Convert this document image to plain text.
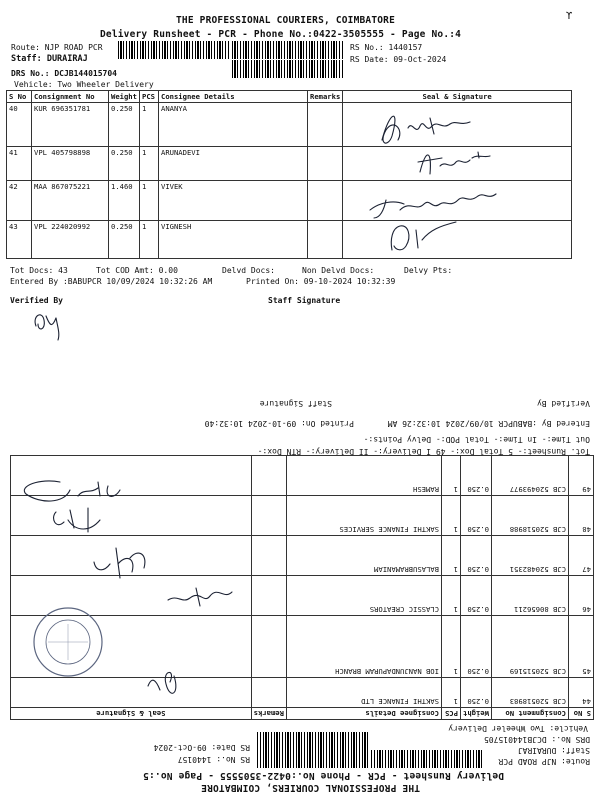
THE PROFESSIONAL COURIERS, COIMBATORE
Delivery Runsheet - PCR - Phone No.:0422-3505555 - Page No.:4
ϒ
Route: NJP ROAD PCR
Staff: DURAIRAJ
DRS No.: DCJB144015704
Vehicle: Two Wheeler Delivery
RS No.: 1440157
RS Date: 09-Oct-2024
S No	Consignment No	Weight	PCS	Consignee Details	Remarks	Seal & Signature
40	KUR 696351781	0.250	1	ANANYA		
41	VPL 405798898	0.250	1	ARUNADEVI		
42	MAA 867075221	1.460	1	VIVEK		
43	VPL 224020992	0.250	1	VIGNESH		
Tot Docs: 43	Tot COD Amt: 0.00	Delvd Docs:	Non Delvd Docs:	Delvy Pts:
Entered By :BABUPCR 10/09/2024 10:32:26 AM	Printed On: 09-10-2024 10:32:39
Verified By	Staff Signature
THE PROFESSIONAL COURIERS, COIMBATORE
Delivery Runsheet - PCR - Phone No.:0422-3505555 - Page No.:5
Route: NJP ROAD PCR
Staff: DURAIRAJ
DRS No.: DCJB144015705
Vehicle: Two Wheeler Delivery
RS No.: 1440157
RS Date: 09-Oct-2024
S No	Consignment No	Weight	PCS	Consignee Details	Remarks	Seal & Signature
44	CJB 520518983	0.250	1	SAKTHI FINANCE LTD		
45	CJB 520515169	0.250	1	IOB NANJUNDAPURAM BRANCH		
46	CJB 80656211	0.250	1	CLASSIC CREATORS		
47	CJB 520482351	0.250	1	BALASUBRAMANIAM		
48	CJB 520518988	0.250	1	SAKTHI FINANCE SERVICES		
49	CJB 520493977	0.250	1	RAMESH		
Tot. Runsheet:- 5 Total Dox:- 49 I Delivery:- II Delivery:- RTN Dox:-
Out Time:- In Time:- Total POD:- Delvy Points:-
Entered By :BABUPCR 10/09/2024 10:32:26 AM
Printed On: 09-10-2024 10:32:40
Verified By
Staff Signature
